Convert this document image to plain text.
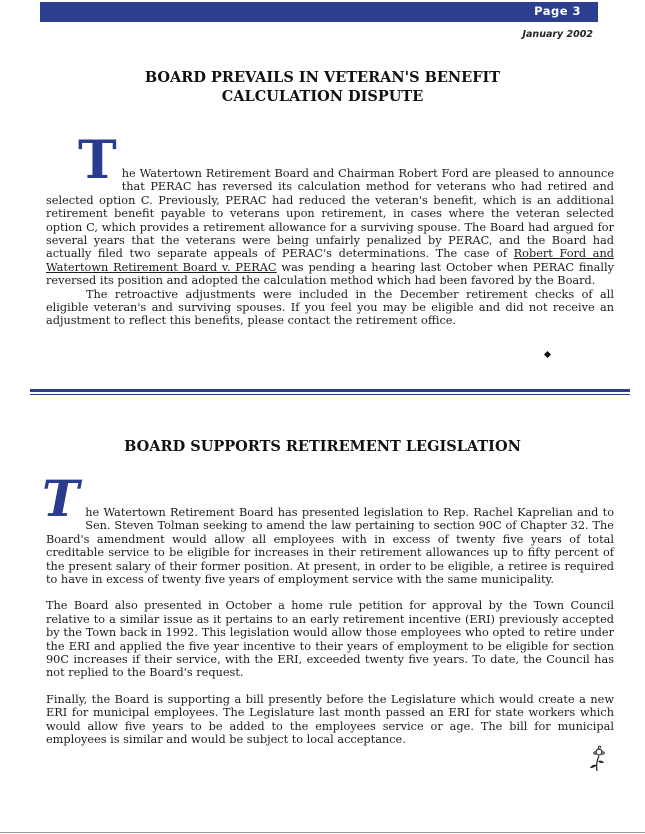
Page 3
January 2002
BOARD PREVAILS IN VETERAN'S BENEFIT
CALCULATION DISPUTE

T he Watertown Retirement Board and Chairman Robert Ford are pleased to announce that PERAC has reversed its calculation method for veterans who had retired and selected option C. Previously, PERAC had reduced the veteran's benefit, which is an additional retirement benefit payable to veterans upon retirement, in cases where the veteran selected option C, which provides a retirement allowance for a surviving spouse. The Board had argued for several years that the veterans were being unfairly penalized by PERAC, and the Board had actually filed two separate appeals of PERAC's determinations. The case of Robert Ford and Watertown Retirement Board v. PERAC was pending a hearing last October when PERAC finally reversed its position and adopted the calculation method which had been favored by the Board.

The retroactive adjustments were included in the December retirement checks of all eligible veteran's and surviving spouses. If you feel you may be eligible and did not receive an adjustment to reflect this benefits, please contact the retirement office.

BOARD SUPPORTS RETIREMENT LEGISLATION

T he Watertown Retirement Board has presented legislation to Rep. Rachel Kaprelian and to Sen. Steven Tolman seeking to amend the law pertaining to section 90C of Chapter 32. The Board's amendment would allow all employees with in excess of twenty five years of total creditable service to be eligible for increases in their retirement allowances up to fifty percent of the present salary of their former position. At present, in order to be eligible, a retiree is required to have in excess of twenty five years of employment service with the same municipality.

The Board also presented in October a home rule petition for approval by the Town Council relative to a similar issue as it pertains to an early retirement incentive (ERI) previously accepted by the Town back in 1992. This legislation would allow those employees who opted to retire under the ERI and applied the five year incentive to their years of employment to be eligible for section 90C increases if their service, with the ERI, exceeded twenty five years. To date, the Council has not replied to the Board's request.

Finally, the Board is supporting a bill presently before the Legislature which would create a new ERI for municipal employees. The Legislature last month passed an ERI for state workers which would allow five years to be added to the employees service or age. The bill for municipal employees is similar and would be subject to local acceptance.
